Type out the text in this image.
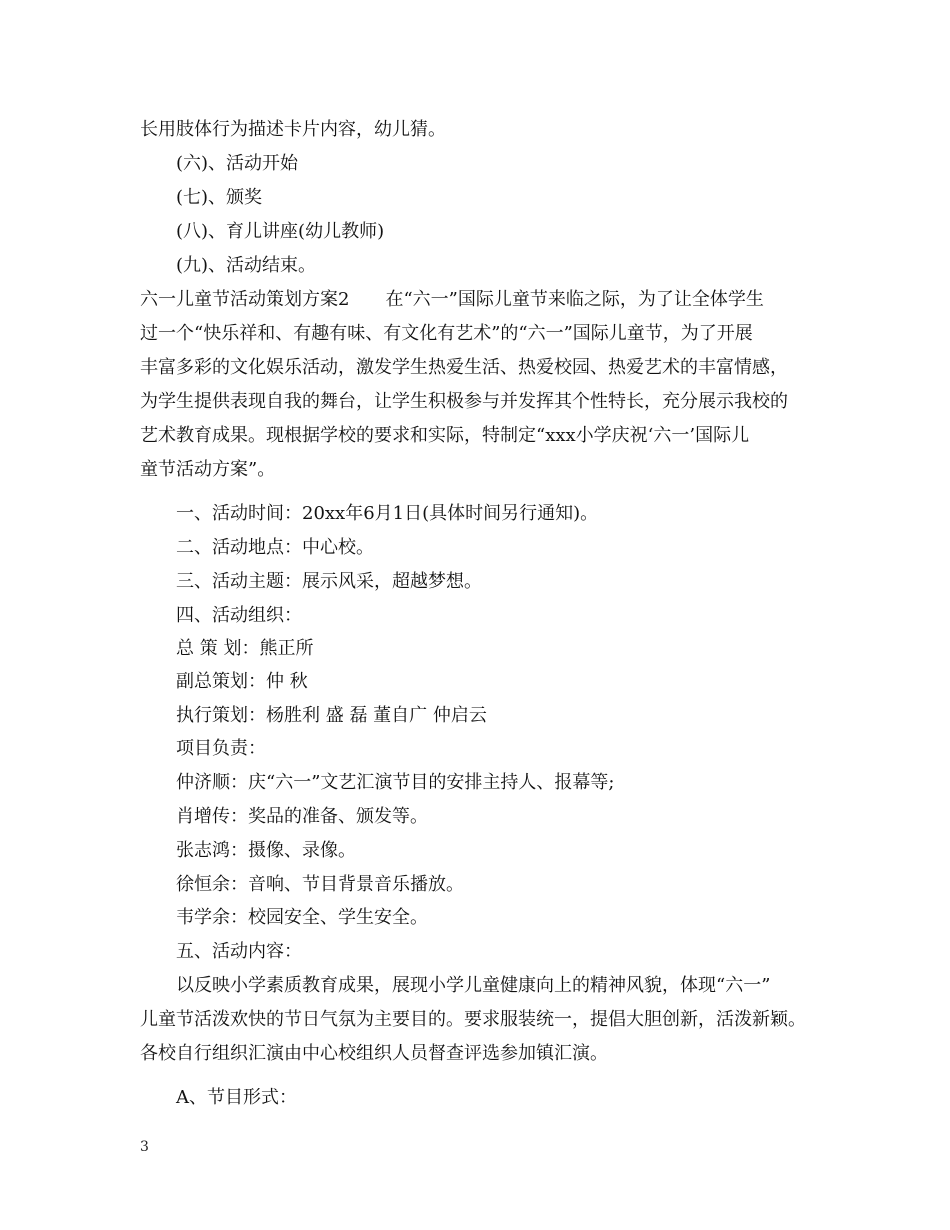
长用肢体行为描述卡片内容，幼儿猜。
(六)、活动开始
(七)、颁奖
(八)、育儿讲座(幼儿教师)
(九)、活动结束。
六一儿童节活动策划方案2　　在“六一”国际儿童节来临之际，为了让全体学生
过一个“快乐祥和、有趣有味、有文化有艺术”的“六一”国际儿童节，为了开展
丰富多彩的文化娱乐活动，激发学生热爱生活、热爱校园、热爱艺术的丰富情感，
为学生提供表现自我的舞台，让学生积极参与并发挥其个性特长，充分展示我校的
艺术教育成果。现根据学校的要求和实际，特制定“xxx小学庆祝‘六一’国际儿
童节活动方案”。
一、活动时间：20xx年6月1日(具体时间另行通知)。
二、活动地点：中心校。
三、活动主题：展示风采，超越梦想。
四、活动组织：
总 策 划：熊正所
副总策划：仲 秋
执行策划：杨胜利 盛 磊 董自广 仲启云
项目负责：
仲济顺：庆“六一”文艺汇演节目的安排主持人、报幕等;
肖增传：奖品的准备、颁发等。
张志鸿：摄像、录像。
徐恒余：音响、节目背景音乐播放。
韦学余：校园安全、学生安全。
五、活动内容：
以反映小学素质教育成果，展现小学儿童健康向上的精神风貌，体现“六一”
儿童节活泼欢快的节日气氛为主要目的。要求服装统一，提倡大胆创新，活泼新颖。
各校自行组织汇演由中心校组织人员督查评选参加镇汇演。
A、节目形式：
3
